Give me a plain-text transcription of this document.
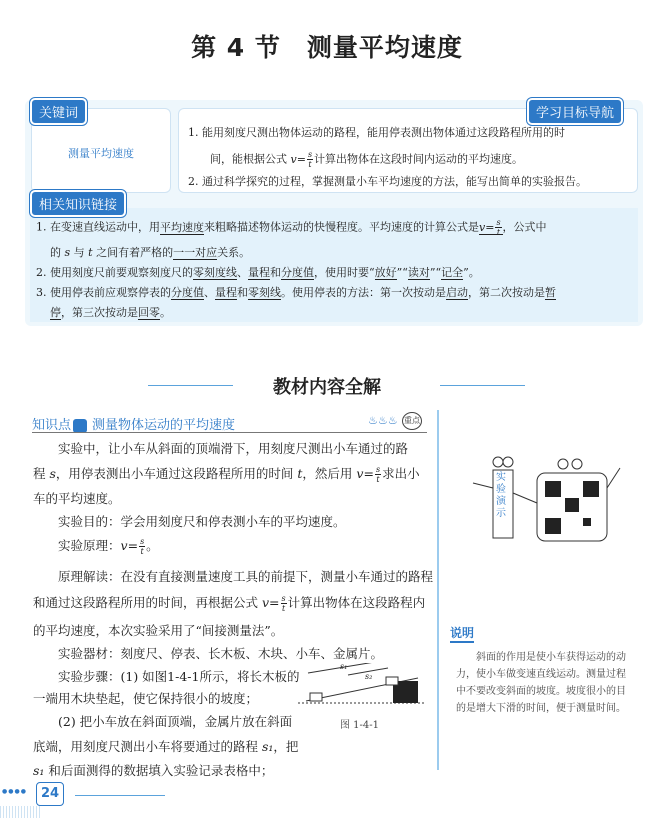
第 4 节　测量平均速度
关键词
测量平均速度
学习目标导航
1. 能用刻度尺测出物体运动的路程，能用停表测出物体通过这段路程所用的时
间，能根据公式 $v= \frac{s}{t}$ 计算出物体在这段时间内运动的平均速度。
2. 通过科学探究的过程，掌握测量小车平均速度的方法，能写出简单的实验报告。
相关知识链接
1. 在变速直线运动中，用平均速度来粗略描述物体运动的快慢程度。平均速度的计算公式是$v= \frac{s}{t}$ ，公式中
的 s 与 t 之间有着严格的一一对应关系。
2. 使用刻度尺前要观察刻度尺的零刻度线、量程和分度值，使用时要“放好”“读对”“记全”。
3. 使用停表前应观察停表的分度值、量程和零刻线。使用停表的方法：第一次按动是启动，第二次按动是暂
停，第三次按动是回零。
教材内容全解
知识点 测量物体运动的平均速度	♨♨♨ 重点
　　实验中，让小车从斜面的顶端滑下，用刻度尺测出小车通过的路
程 s，用停表测出小车通过这段路程所用的时间 t，然后用 $v= \frac{s}{t}$ 求出小
车的平均速度。
　　实验目的：学会用刻度尺和停表测小车的平均速度。
　　实验原理：$v= \frac{s}{t}$ 。
　　原理解读：在没有直接测量速度工具的前提下，测量小车通过的路程
和通过这段路程所用的时间，再根据公式 $v= \frac{s}{t}$ 计算出物体在这段路程内
的平均速度，本次实验采用了“间接测量法”。
　　实验器材：刻度尺、停表、长木板、木块、小车、金属片。
　　实验步骤：(1) 如图1-4-1所示，将长木板的
一端用木块垫起，使它保持很小的坡度；
　　(2) 把小车放在斜面顶端，金属片放在斜面
底端，用刻度尺测出小车将要通过的路程 s₁，把
s₁ 和后面测得的数据填入实验记录表格中；
实验演示
说明
　　斜面的作用是使小车获得运动的动
力，使小车做变速直线运动。测量过程
中不要改变斜面的坡度。坡度很小的目
的是增大下滑的时间，便于测量时间。
s₁
s₂
图 1-4-1
●●●●	24
